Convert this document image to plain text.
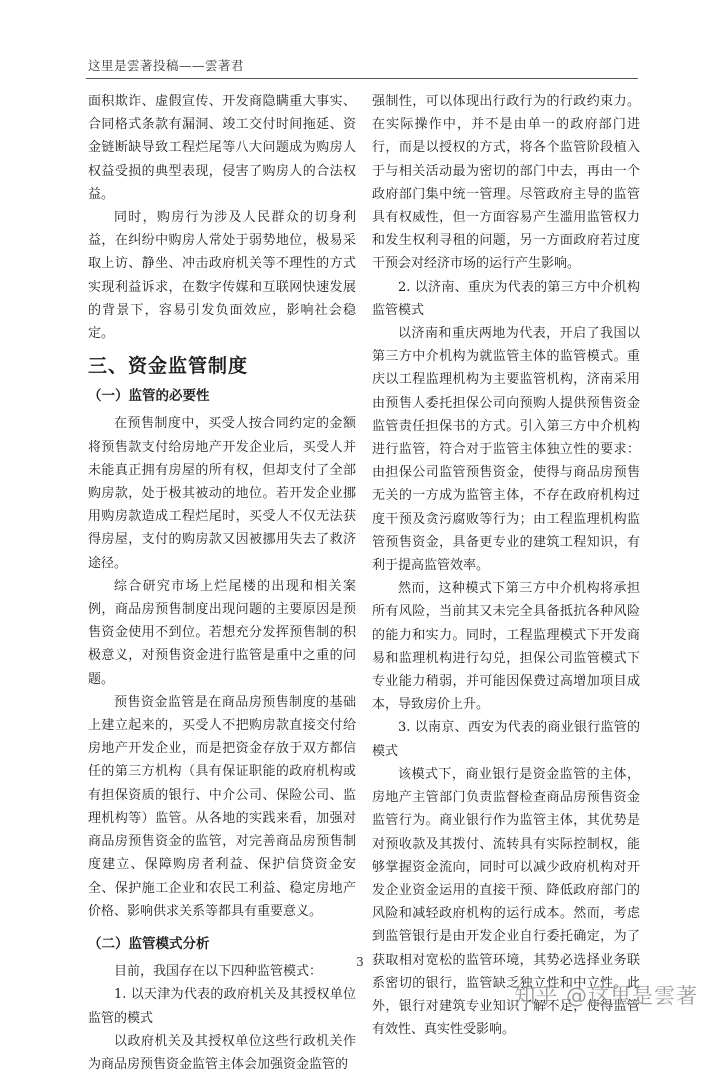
这里是雲著投稿——雲著君

面积欺诈、虚假宣传、开发商隐瞒重大事实、合同格式条款有漏洞、竣工交付时间拖延、资金链断缺导致工程烂尾等八大问题成为购房人权益受损的典型表现，侵害了购房人的合法权益。

同时，购房行为涉及人民群众的切身利益，在纠纷中购房人常处于弱势地位，极易采取上访、静坐、冲击政府机关等不理性的方式实现利益诉求，在数字传媒和互联网快速发展的背景下，容易引发负面效应，影响社会稳定。

三、资金监管制度

（一）监管的必要性

在预售制度中，买受人按合同约定的金额将预售款支付给房地产开发企业后，买受人并未能真正拥有房屋的所有权，但却支付了全部购房款，处于极其被动的地位。若开发企业挪用购房款造成工程烂尾时，买受人不仅无法获得房屋，支付的购房款又因被挪用失去了救济途径。

综合研究市场上烂尾楼的出现和相关案例，商品房预售制度出现问题的主要原因是预售资金使用不到位。若想充分发挥预售制的积极意义，对预售资金进行监管是重中之重的问题。

预售资金监管是在商品房预售制度的基础上建立起来的，买受人不把购房款直接交付给房地产开发企业，而是把资金存放于双方都信任的第三方机构（具有保证职能的政府机构或有担保资质的银行、中介公司、保险公司、监理机构等）监管。从各地的实践来看，加强对商品房预售资金的监管，对完善商品房预售制度建立、保障购房者利益、保护信贷资金安全、保护施工企业和农民工利益、稳定房地产价格、影响供求关系等都具有重要意义。

（二）监管模式分析

目前，我国存在以下四种监管模式：

1. 以天津为代表的政府机关及其授权单位监管的模式

以政府机关及其授权单位这些行政机关作为商品房预售资金监管主体会加强资金监管的

强制性，可以体现出行政行为的行政约束力。在实际操作中，并不是由单一的政府部门进行，而是以授权的方式，将各个监管阶段植入于与相关活动最为密切的部门中去，再由一个政府部门集中统一管理。尽管政府主导的监管具有权威性，但一方面容易产生滥用监管权力和发生权利寻租的问题，另一方面政府若过度干预会对经济市场的运行产生影响。

2. 以济南、重庆为代表的第三方中介机构监管模式

以济南和重庆两地为代表，开启了我国以第三方中介机构为就监管主体的监管模式。重庆以工程监理机构为主要监管机构，济南采用由预售人委托担保公司向预购人提供预售资金监管责任担保书的方式。引入第三方中介机构进行监管，符合对于监管主体独立性的要求：由担保公司监管预售资金，使得与商品房预售无关的一方成为监管主体，不存在政府机构过度干预及贪污腐败等行为；由工程监理机构监管预售资金，具备更专业的建筑工程知识，有利于提高监管效率。

然而，这种模式下第三方中介机构将承担所有风险，当前其又未完全具备抵抗各种风险的能力和实力。同时，工程监理模式下开发商易和监理机构进行勾兑，担保公司监管模式下专业能力稍弱，并可能因保费过高增加项目成本，导致房价上升。

3. 以南京、西安为代表的商业银行监管的模式

该模式下，商业银行是资金监管的主体，房地产主管部门负责监督检查商品房预售资金监管行为。商业银行作为监管主体，其优势是对预收款及其拨付、流转具有实际控制权，能够掌握资金流向，同时可以减少政府机构对开发企业资金运用的直接干预、降低政府部门的风险和减轻政府机构的运行成本。然而，考虑到监管银行是由开发企业自行委托确定，为了获取相对宽松的监管环境，其势必选择业务联系密切的银行，监管缺乏独立性和中立性。此外，银行对建筑专业知识了解不足，使得监管有效性、真实性受影响。

3
知乎 @这里是雲著
